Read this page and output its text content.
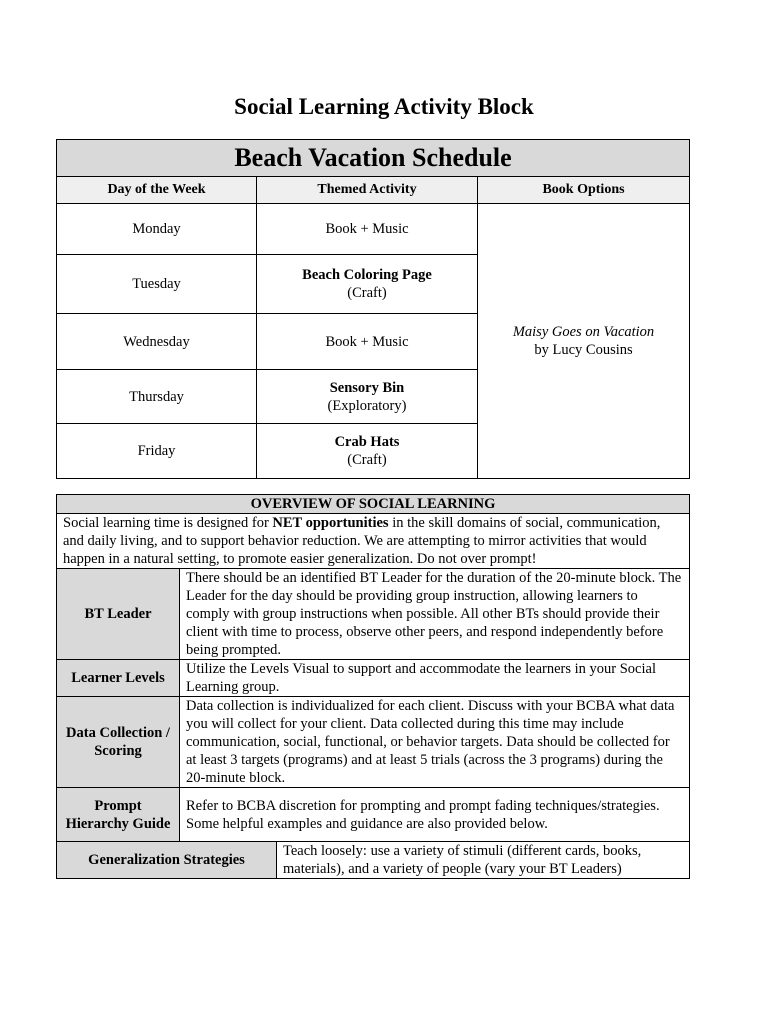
Social Learning Activity Block
Beach Vacation Schedule		
Day of the Week	Themed Activity	Book Options
Monday	Book + Music	Maisy Goes on Vacation
by Lucy Cousins

Tuesday	Beach Coloring Page
(Craft)	

Wednesday	Book + Music	
Thursday	Sensory Bin
(Exploratory)	

Friday	Crab Hats
(Craft)	
OVERVIEW OF SOCIAL LEARNING		
Social learning time is designed for NET opportunities in the skill domains of social, communication, and daily living, and to support behavior reduction. We are attempting to mirror activities that would happen in a natural setting, to promote easier generalization. Do not over prompt!		
BT Leader	There should be an identified BT Leader for the duration of the 20-minute block. The Leader for the day should be providing group instruction, allowing learners to comply with group instructions when possible. All other BTs should provide their client with time to process, observe other peers, and respond independently before being prompted.	
Learner Levels	Utilize the Levels Visual to support and accommodate the learners in your Social Learning group.	
Data Collection / Scoring	Data collection is individualized for each client. Discuss with your BCBA what data you will collect for your client. Data collected during this time may include communication, social, functional, or behavior targets. Data should be collected for at least 3 targets (programs) and at least 5 trials (across the 3 programs) during the 20-minute block.	
Prompt Hierarchy Guide	Refer to BCBA discretion for prompting and prompt fading techniques/strategies. Some helpful examples and guidance are also provided below.	
Generalization Strategies		Teach loosely: use a variety of stimuli (different cards, books, materials), and a variety of people (vary your BT Leaders)
